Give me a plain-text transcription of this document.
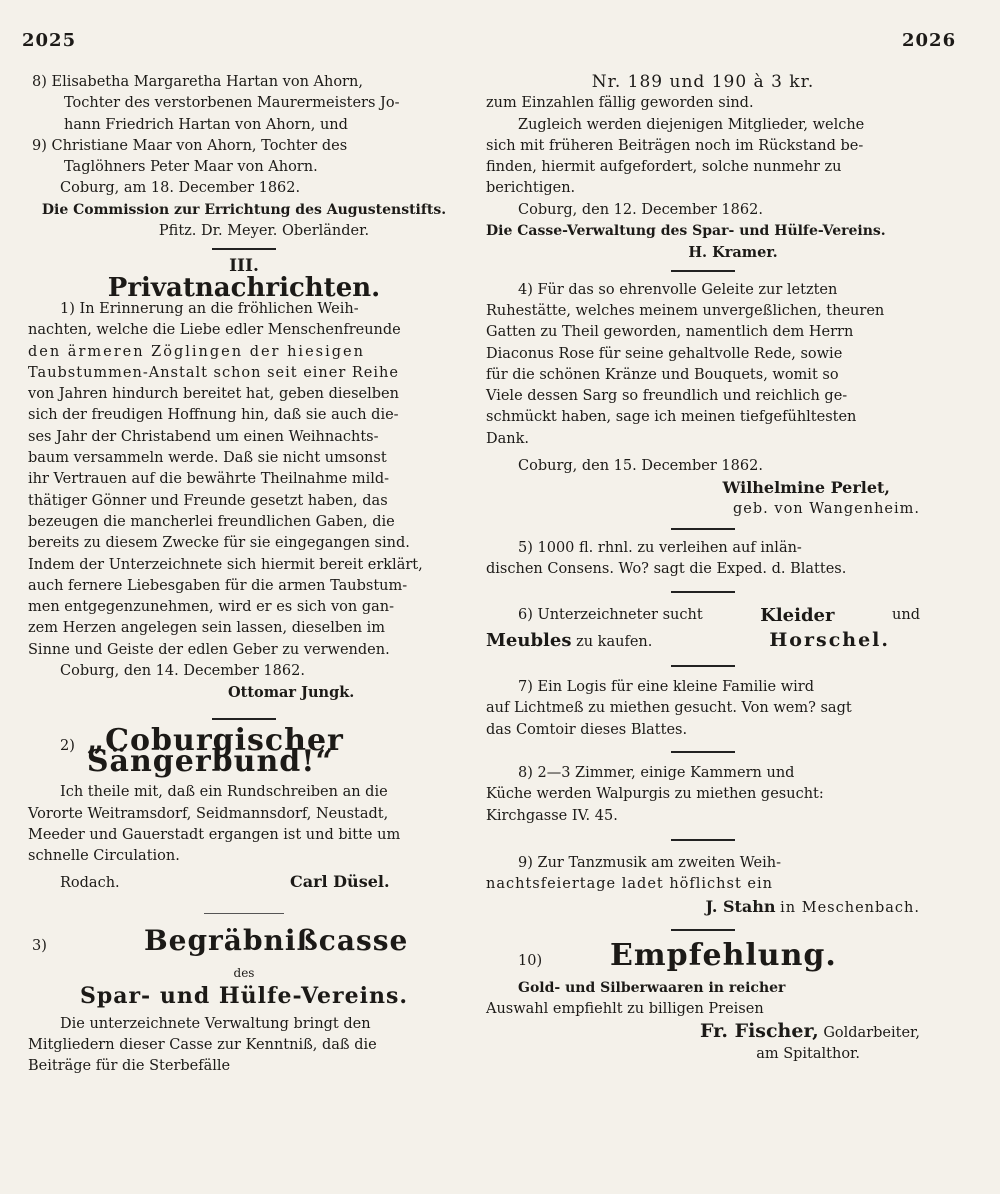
2025	2026

8) Elisabetha Margaretha Hartan von Ahorn,

Tochter des verstorbenen Maurermeisters Jo-

hann Friedrich Hartan von Ahorn, und

9) Christiane Maar von Ahorn, Tochter des

Taglöhners Peter Maar von Ahorn.

Coburg, am 18. December 1862.

Die Commission zur Errichtung des Augustenstifts.

Pfitz. Dr. Meyer. Oberländer.

III.

Privatnachrichten.

1) In Erinnerung an die fröhlichen Weih-

nachten, welche die Liebe edler Menschenfreunde

den ärmeren Zöglingen der hiesigen

Taubstummen-Anstalt schon seit einer Reihe

von Jahren hindurch bereitet hat, geben dieselben

sich der freudigen Hoffnung hin, daß sie auch die-

ses Jahr der Christabend um einen Weihnachts-

baum versammeln werde. Daß sie nicht umsonst

ihr Vertrauen auf die bewährte Theilnahme mild-

thätiger Gönner und Freunde gesetzt haben, das

bezeugen die mancherlei freundlichen Gaben, die

bereits zu diesem Zwecke für sie eingegangen sind.

Indem der Unterzeichnete sich hiermit bereit erklärt,

auch fernere Liebesgaben für die armen Taubstum-

men entgegenzunehmen, wird er es sich von gan-

zem Herzen angelegen sein lassen, dieselben im

Sinne und Geiste der edlen Geber zu verwenden.

Coburg, den 14. December 1862.

Ottomar Jungk.

2) „Coburgischer Sängerbund!“

Ich theile mit, daß ein Rundschreiben an die

Vororte Weitramsdorf, Seidmannsdorf, Neustadt,

Meeder und Gauerstadt ergangen ist und bitte um

schnelle Circulation.

Rodach.	Carl Düsel.
3)	Begräbnißcasse

des

Spar- und Hülfe-Vereins.

Die unterzeichnete Verwaltung bringt den

Mitgliedern dieser Casse zur Kenntniß, daß die

Beiträge für die Sterbefälle

Nr. 189 und 190 à 3 kr.

zum Einzahlen fällig geworden sind.

Zugleich werden diejenigen Mitglieder, welche

sich mit früheren Beiträgen noch im Rückstand be-

finden, hiermit aufgefordert, solche nunmehr zu

berichtigen.

Coburg, den 12. December 1862.

Die Casse-Verwaltung des Spar- und Hülfe-Vereins.

H. Kramer.

4) Für das so ehrenvolle Geleite zur letzten

Ruhestätte, welches meinem unvergeßlichen, theuren

Gatten zu Theil geworden, namentlich dem Herrn

Diaconus Rose für seine gehaltvolle Rede, sowie

für die schönen Kränze und Bouquets, womit so

Viele dessen Sarg so freundlich und reichlich ge-

schmückt haben, sage ich meinen tiefgefühltesten

Dank.

Coburg, den 15. December 1862.

Wilhelmine Perlet,

geb. von Wangenheim.

5) 1000 fl. rhnl. zu verleihen auf inlän-

dischen Consens. Wo? sagt die Exped. d. Blattes.

6) Unterzeichneter sucht	Kleider	und
Meubles zu kaufen.	Horschel.

7) Ein Logis für eine kleine Familie wird

auf Lichtmeß zu miethen gesucht. Von wem? sagt

das Comtoir dieses Blattes.

8) 2—3 Zimmer, einige Kammern und

Küche werden Walpurgis zu miethen gesucht:

Kirchgasse IV. 45.

9) Zur Tanzmusik am zweiten Weih-

nachtsfeiertage ladet höflichst ein

J. Stahn in Meschenbach.

10)	Empfehlung.

Gold- und Silberwaaren in reicher

Auswahl empfiehlt zu billigen Preisen

Fr. Fischer, Goldarbeiter,

am Spitalthor.
